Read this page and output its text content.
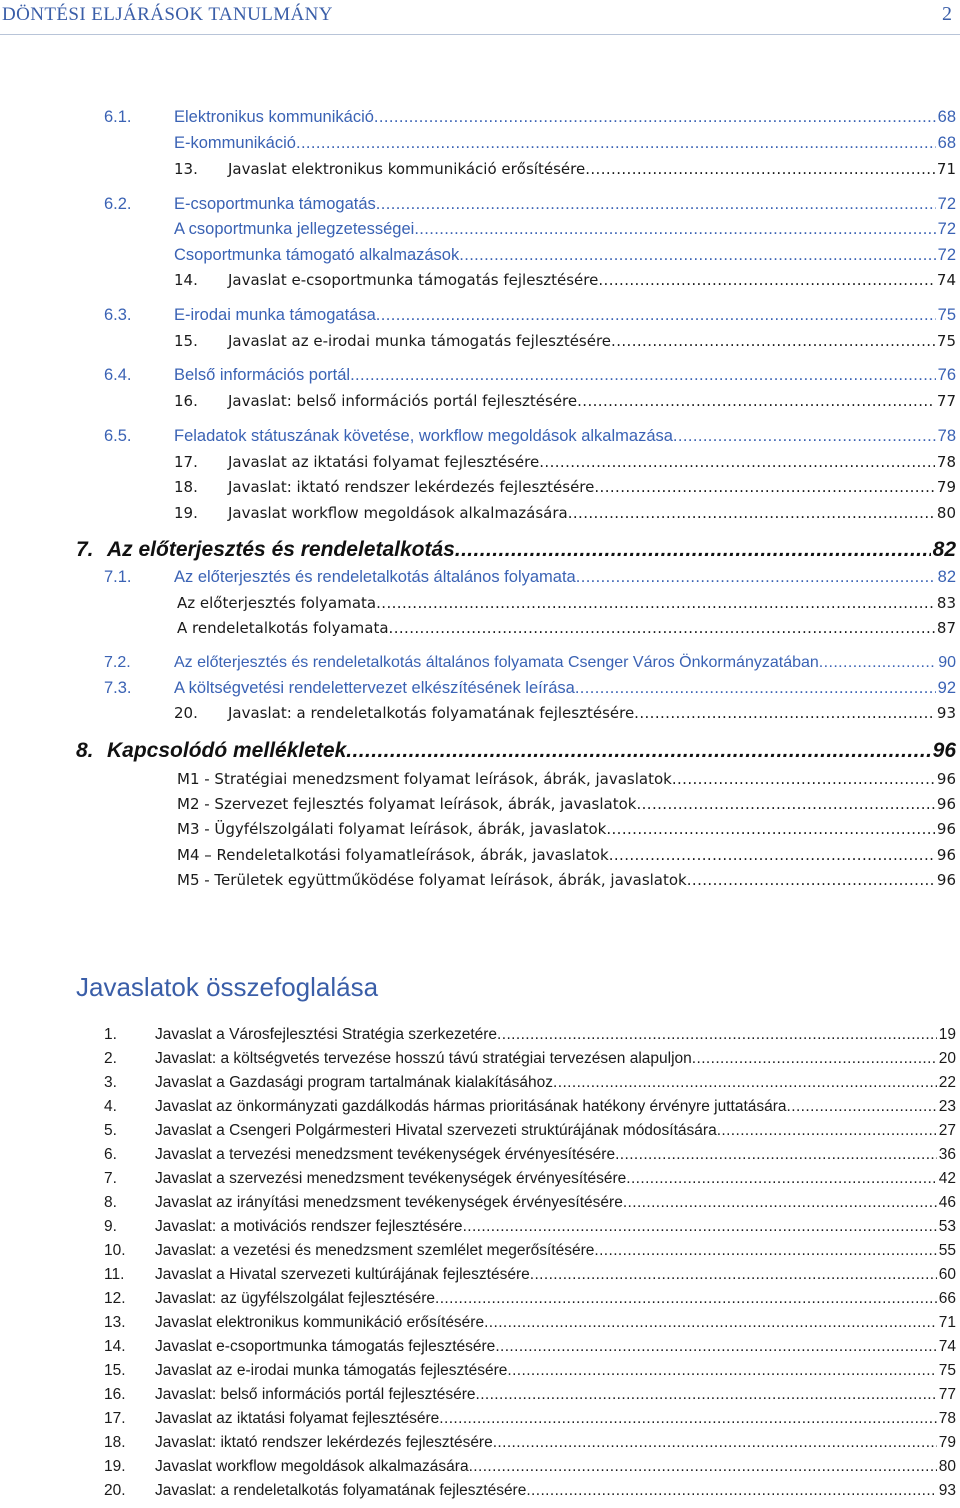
DÖNTÉSI ELJÁRÁSOK TANULMÁNY	2
6.1.	Elektronikus kommunikáció .....	68
E-kommunikáció .....	68
13.	Javaslat elektronikus kommunikáció erősítésére .....	71
6.2.	E-csoportmunka támogatás .....	72
A csoportmunka jellegzetességei .....	72
Csoportmunka támogató alkalmazások .....	72
14.	Javaslat e-csoportmunka támogatás fejlesztésére .....	74
6.3.	E-irodai munka támogatása .....	75
15.	Javaslat az e-irodai munka támogatás fejlesztésére .....	75
6.4.	Belső információs portál .....	76
16.	Javaslat: belső információs portál fejlesztésére .....	77
6.5.	Feladatok státuszának követése, workflow megoldások alkalmazása .....	78
17.	Javaslat az iktatási folyamat fejlesztésére .....	78
18.	Javaslat: iktató rendszer lekérdezés fejlesztésére .....	79
19.	Javaslat workflow megoldások alkalmazására .....	80
7. Az előterjesztés és rendeletalkotás .....	82
7.1.	Az előterjesztés és rendeletalkotás általános folyamata .....	82
Az előterjesztés folyamata .....	83
A rendeletalkotás folyamata .....	87
7.2.	Az előterjesztés és rendeletalkotás általános folyamata Csenger Város Önkormányzatában .....	90
7.3.	A költségvetési rendelettervezet elkészítésének leírása .....	92
20.	Javaslat: a rendeletalkotás folyamatának fejlesztésére .....	93
8. Kapcsolódó mellékletek .....	96
M1 - Stratégiai menedzsment folyamat leírások, ábrák, javaslatok .....	96
M2 - Szervezet fejlesztés folyamat leírások, ábrák, javaslatok .....	96
M3 - Ügyfélszolgálati folyamat leírások, ábrák, javaslatok .....	96
M4 – Rendeletalkotási folyamatleírások, ábrák, javaslatok .....	96
M5 - Területek együttműködése folyamat leírások, ábrák, javaslatok .....	96
Javaslatok összefoglalása
1.	Javaslat a Városfejlesztési Stratégia szerkezetére .....	19
2.	Javaslat: a költségvetés tervezése hosszú távú stratégiai tervezésen alapuljon .....	20
3.	Javaslat a Gazdasági program tartalmának kialakításához .....	22
4.	Javaslat az önkormányzati gazdálkodás hármas prioritásának hatékony érvényre juttatására .....	23
5.	Javaslat a Csengeri Polgármesteri Hivatal szervezeti struktúrájának módosítására .....	27
6.	Javaslat a tervezési menedzsment tevékenységek érvényesítésére .....	36
7.	Javaslat a szervezési menedzsment tevékenységek érvényesítésére .....	42
8.	Javaslat az irányítási menedzsment tevékenységek érvényesítésére .....	46
9.	Javaslat: a motivációs rendszer fejlesztésére .....	53
10.	Javaslat: a vezetési és menedzsment szemlélet megerősítésére .....	55
11.	Javaslat a Hivatal szervezeti kultúrájának fejlesztésére .....	60
12.	Javaslat: az ügyfélszolgálat fejlesztésére .....	66
13.	Javaslat elektronikus kommunikáció erősítésére .....	71
14.	Javaslat e-csoportmunka támogatás fejlesztésére .....	74
15.	Javaslat az e-irodai munka támogatás fejlesztésére .....	75
16.	Javaslat: belső információs portál fejlesztésére .....	77
17.	Javaslat az iktatási folyamat fejlesztésére .....	78
18.	Javaslat: iktató rendszer lekérdezés fejlesztésére .....	79
19.	Javaslat workflow megoldások alkalmazására .....	80
20.	Javaslat: a rendeletalkotás folyamatának fejlesztésére .....	93
